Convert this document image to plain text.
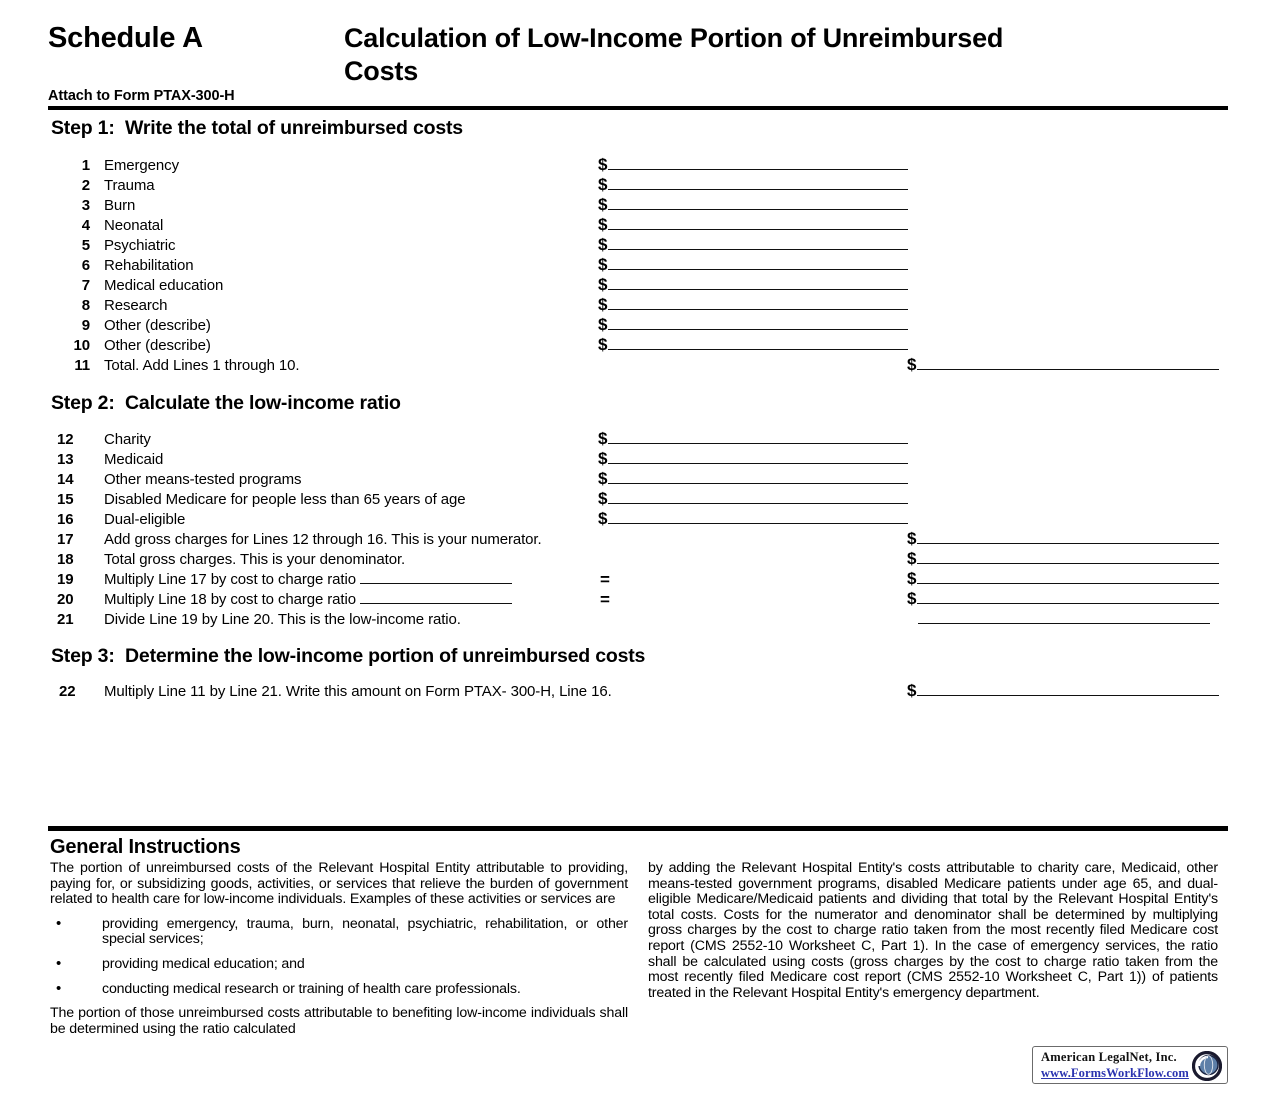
Schedule A	Calculation of Low-Income Portion of Unreimbursed Costs
Attach to Form PTAX-300-H
Step 1:  Write the total of unreimbursed costs
1 Emergency	$
2 Trauma	$
3 Burn	$
4 Neonatal	$
5 Psychiatric	$
6 Rehabilitation	$
7 Medical education	$
8 Research	$
9 Other (describe)	$
10 Other (describe)	$
11 Total. Add Lines 1 through 10.	$
Step 2:  Calculate the low-income ratio
12 Charity	$
13 Medicaid	$
14 Other means-tested programs	$
15 Disabled Medicare for people less than 65 years of age	$
16 Dual-eligible	$
17 Add gross charges for Lines 12 through 16. This is your numerator.	$
18 Total gross charges. This is your denominator.	$
19 Multiply Line 17 by cost to charge ratio	=	$
20 Multiply Line 18 by cost to charge ratio	=	$
21 Divide Line 19 by Line 20. This is the low-income ratio.
Step 3:  Determine the low-income portion of unreimbursed costs
22 Multiply Line 11 by Line 21. Write this amount on Form PTAX- 300-H, Line 16.	$
General Instructions

The portion of unreimbursed costs of the Relevant Hospital Entity attributable to providing, paying for, or subsidizing goods, activities, or services that relieve the burden of government related to health care for low-income individuals. Examples of these activities or services are

•	providing emergency, trauma, burn, neonatal, psychiatric, rehabilitation, or other special services;
•	providing medical education; and
•	conducting medical research or training of health care professionals.

The portion of those unreimbursed costs attributable to benefiting low-income individuals shall be determined using the ratio calculated

by adding the Relevant Hospital Entity's costs attributable to charity care, Medicaid, other means-tested government programs, disabled Medicare patients under age 65, and dual-eligible Medicare/Medicaid patients and dividing that total by the Relevant Hospital Entity's total costs. Costs for the numerator and denominator shall be determined by multiplying gross charges by the cost to charge ratio taken from the most recently filed Medicare cost report (CMS 2552-10 Worksheet C, Part 1). In the case of emergency services, the ratio shall be calculated using costs (gross charges by the cost to charge ratio taken from the most recently filed Medicare cost report (CMS 2552-10 Worksheet C, Part 1)) of patients treated in the Relevant Hospital Entity's emergency department.

American LegalNet, Inc.
www.FormsWorkFlow.com
